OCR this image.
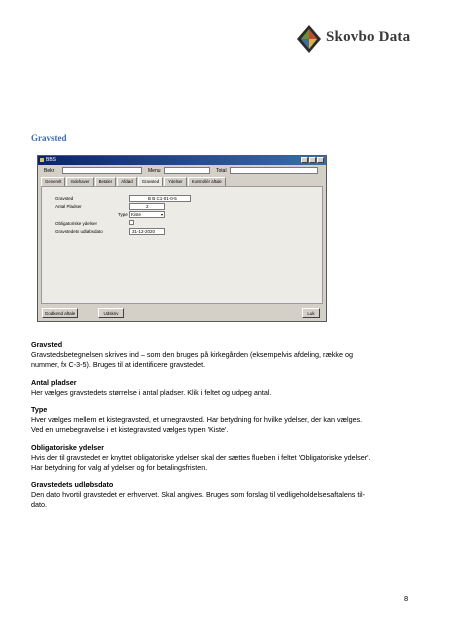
Skovbo Data
Gravsted
BBS
Bekr	Menu	Total
Generelt	Indehaver	Betaler	Afdød	Gravsted	Ydelser	Kontrollér aftale
Gravsted	B B C1-01-0-5
Antal Pladser	2
Type Kiste	▾
Obligatoriske ydelser
Gravstedets udløbsdato	31-12-2020
Godkend aftale	Udskriv	Luk
Gravsted
Gravstedsbetegnelsen skrives ind – som den bruges på kirkegården (eksempelvis afdeling, række og
nummer, fx C-3-5). Bruges til at identificere gravstedet.
Antal pladser
Her vælges gravstedets størrelse i antal pladser. Klik i feltet og udpeg antal.
Type
Hver vælges mellem et kistegravsted, et urnegravsted. Har betydning for hvilke ydelser, der kan vælges.
Ved en urnebegravelse i et kistegravsted vælges typen 'Kiste'.
Obligatoriske ydelser
Hvis der til gravstedet er knyttet obligatoriske ydelser skal der sættes flueben i feltet 'Obligatoriske ydelser'.
Har betydning for valg af ydelser og for betalingsfristen.
Gravstedets udløbsdato
Den dato hvortil gravstedet er erhvervet. Skal angives. Bruges som forslag til vedligeholdelsesaftalens til-
dato.
8
